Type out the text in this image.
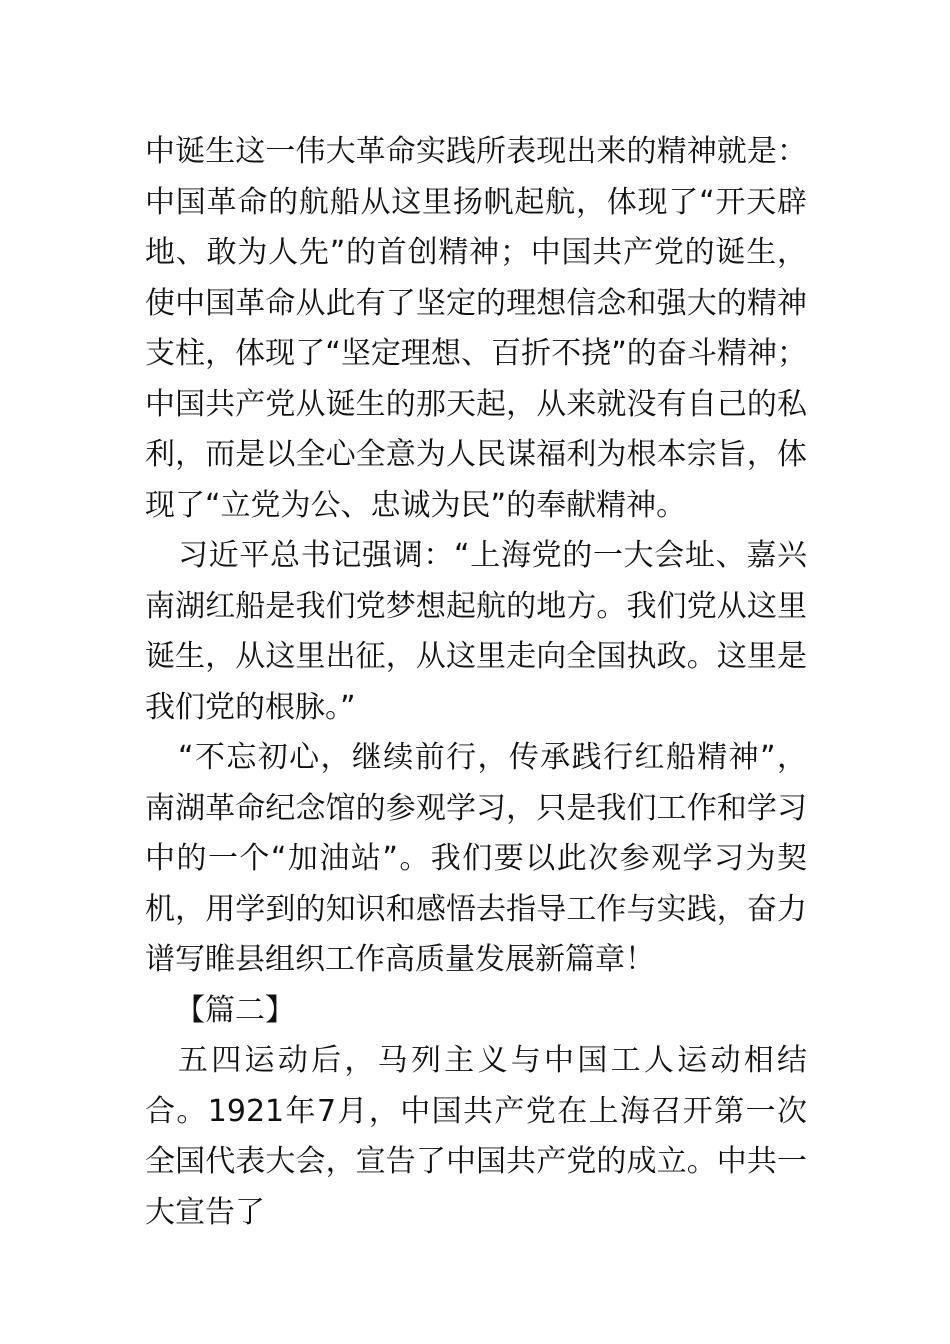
中诞生这一伟大革命实践所表现出来的精神就是：中国革命的航船从这里扬帆起航，体现了“开天辟地、敢为人先”的首创精神；中国共产党的诞生，使中国革命从此有了坚定的理想信念和强大的精神支柱，体现了“坚定理想、百折不挠”的奋斗精神；中国共产党从诞生的那天起，从来就没有自己的私利，而是以全心全意为人民谋福利为根本宗旨，体现了“立党为公、忠诚为民”的奉献精神。

习近平总书记强调：“上海党的一大会址、嘉兴南湖红船是我们党梦想起航的地方。我们党从这里诞生，从这里出征，从这里走向全国执政。这里是我们党的根脉。”

“不忘初心，继续前行，传承践行红船精神”，南湖革命纪念馆的参观学习，只是我们工作和学习中的一个“加油站”。我们要以此次参观学习为契机，用学到的知识和感悟去指导工作与实践，奋力谱写睢县组织工作高质量发展新篇章！

【篇二】

五四运动后，马列主义与中国工人运动相结合。1921年7月，中国共产党在上海召开第一次全国代表大会，宣告了中国共产党的成立。中共一大宣告了
